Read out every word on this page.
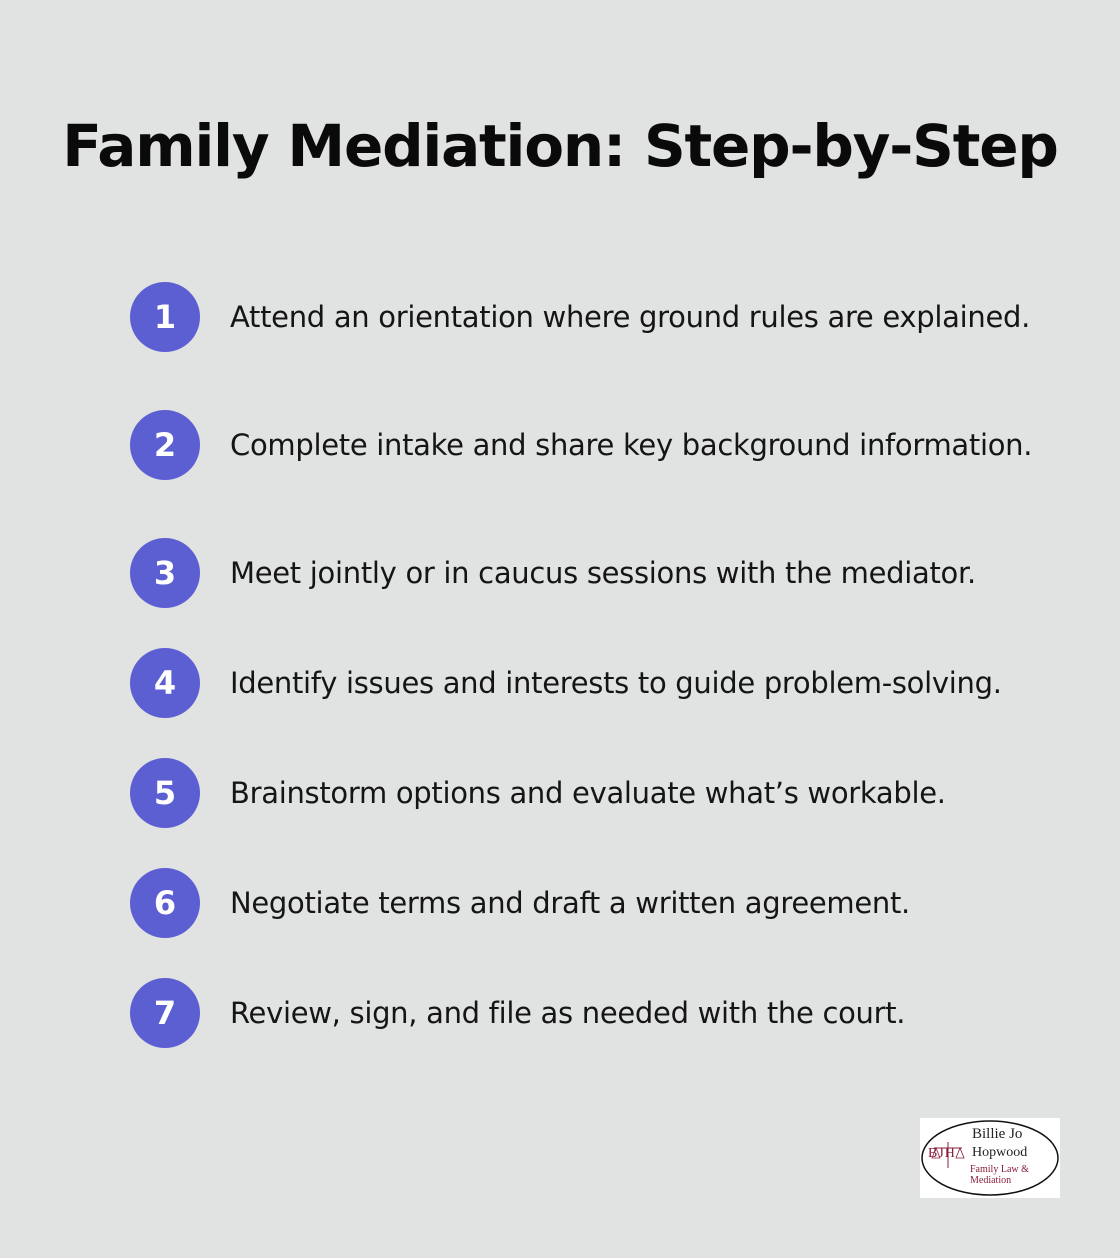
Family Mediation: Step-by-Step
1	Attend an orientation where ground rules are explained.
2	Complete intake and share key background information.
3	Meet jointly or in caucus sessions with the mediator.
4	Identify issues and interests to guide problem-solving.
5	Brainstorm options and evaluate what’s workable.
6	Negotiate terms and draft a written agreement.
7	Review, sign, and file as needed with the court.
BJH
Billie Jo
Hopwood
Family Law &
Mediation
